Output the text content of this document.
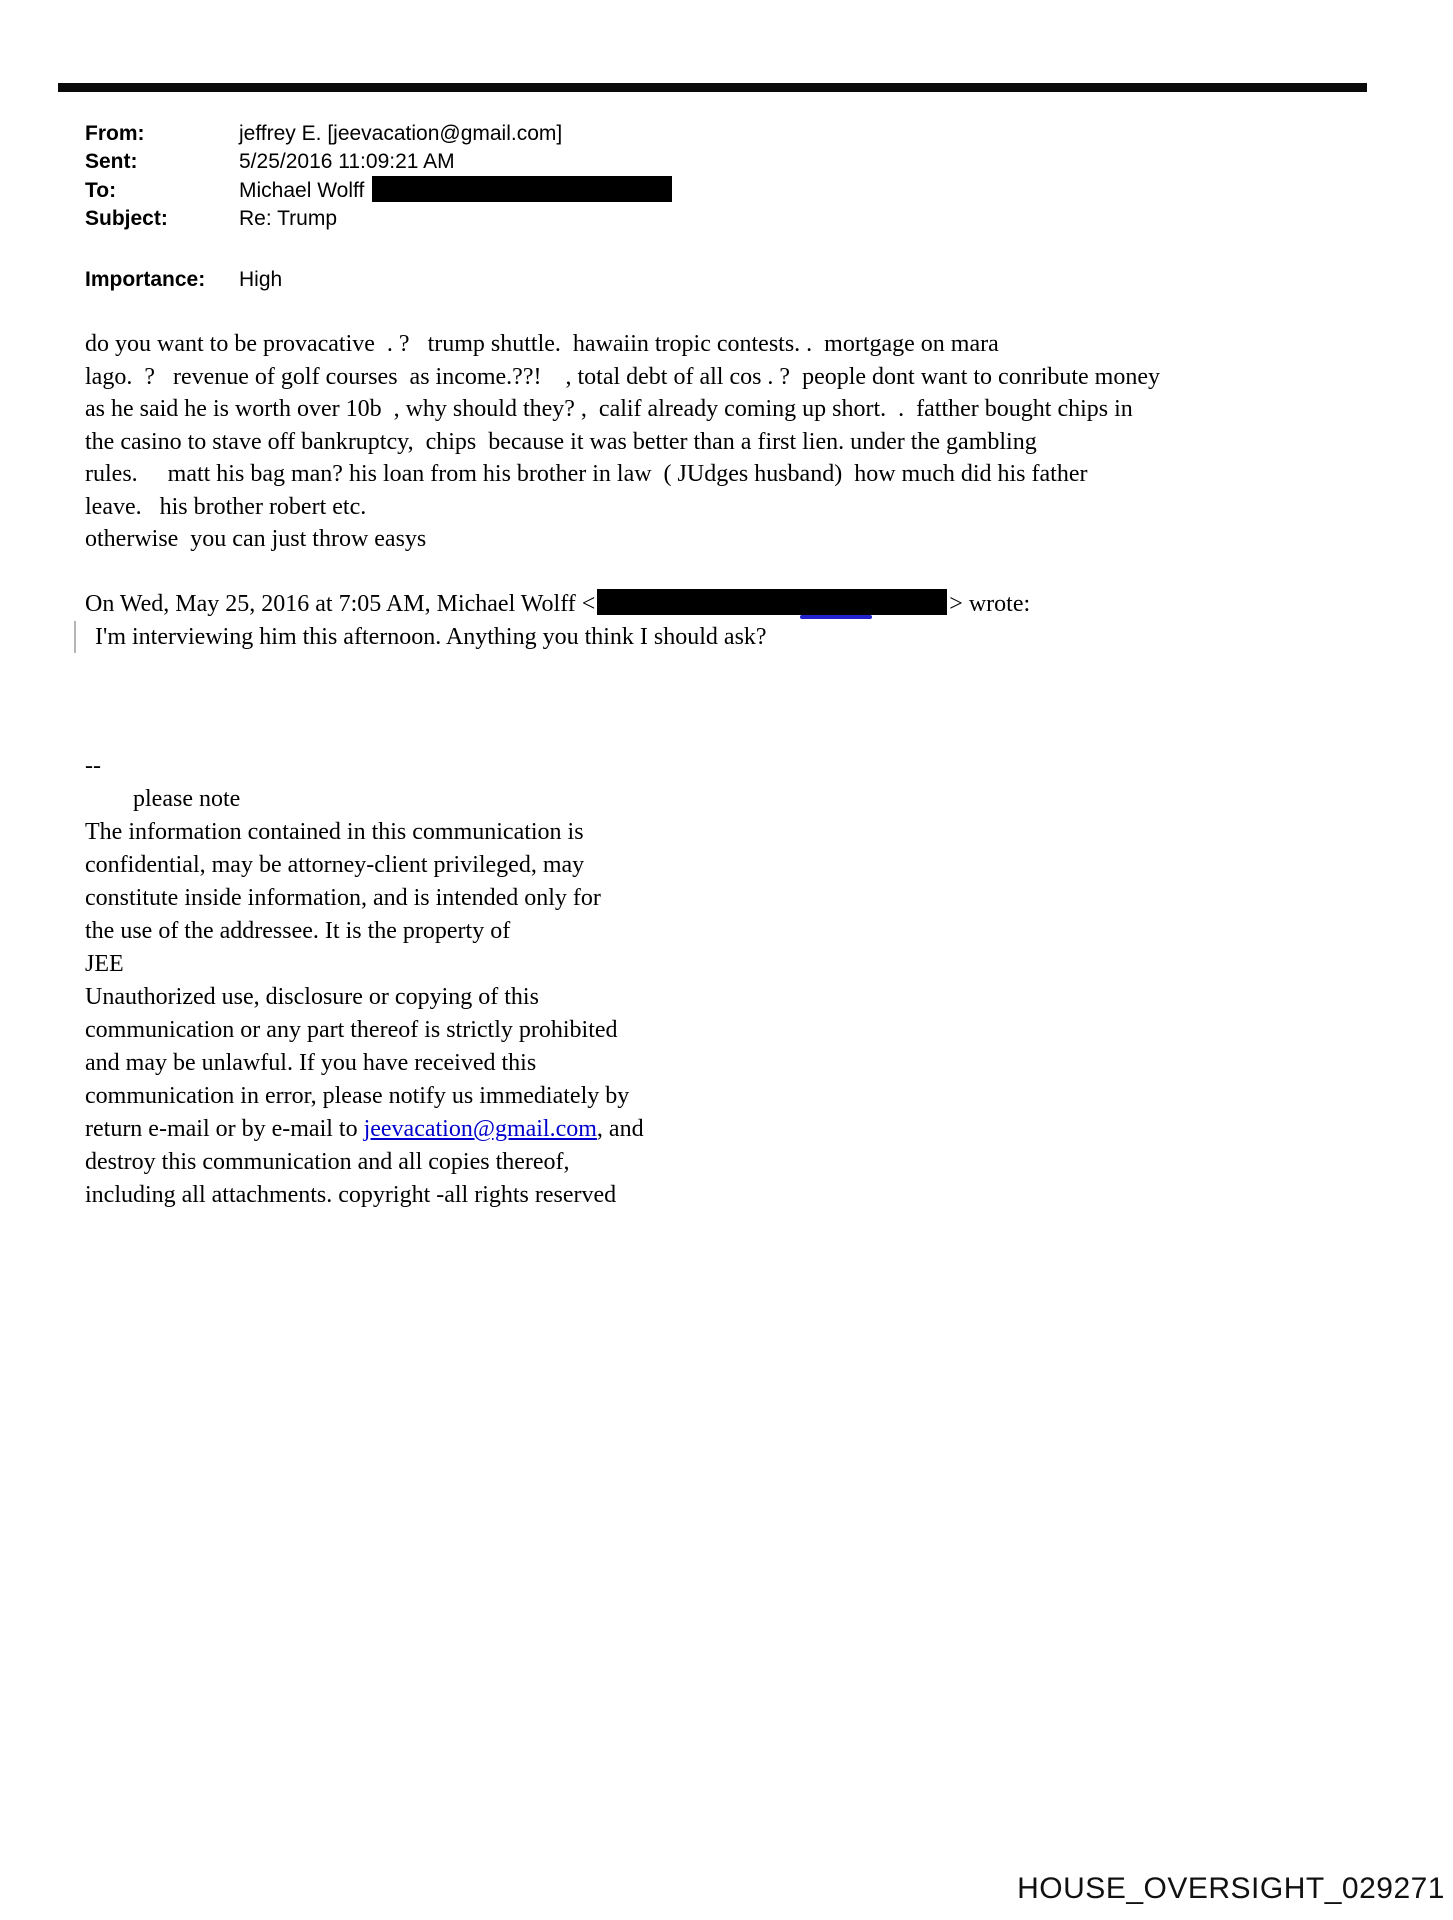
From:	jeffrey E. [jeevacation@gmail.com]
Sent:	5/25/2016 11:09:21 AM
To:	Michael Wolff
Subject:	Re: Trump
Importance: High
do you want to be provacative  . ?   trump shuttle.  hawaiin tropic contests. .  mortgage on mara
lago.  ?   revenue of golf courses  as income.??!    , total debt of all cos . ?  people dont want to conribute money
as he said he is worth over 10b  , why should they? ,  calif already coming up short.  .  fatther bought chips in
the casino to stave off bankruptcy,  chips  because it was better than a first lien. under the gambling
rules.     matt his bag man? his loan from his brother in law  ( JUdges husband)  how much did his father
leave.   his brother robert etc.
otherwise  you can just throw easys
On Wed, May 25, 2016 at 7:05 AM, Michael Wolff <	> wrote:
I'm interviewing him this afternoon. Anything you think I should ask?
--
please note
The information contained in this communication is
confidential, may be attorney-client privileged, may
constitute inside information, and is intended only for
the use of the addressee. It is the property of
JEE
Unauthorized use, disclosure or copying of this
communication or any part thereof is strictly prohibited
and may be unlawful. If you have received this
communication in error, please notify us immediately by
return e-mail or by e-mail to jeevacation@gmail.com, and
destroy this communication and all copies thereof,
including all attachments. copyright -all rights reserved
HOUSE_OVERSIGHT_029271
